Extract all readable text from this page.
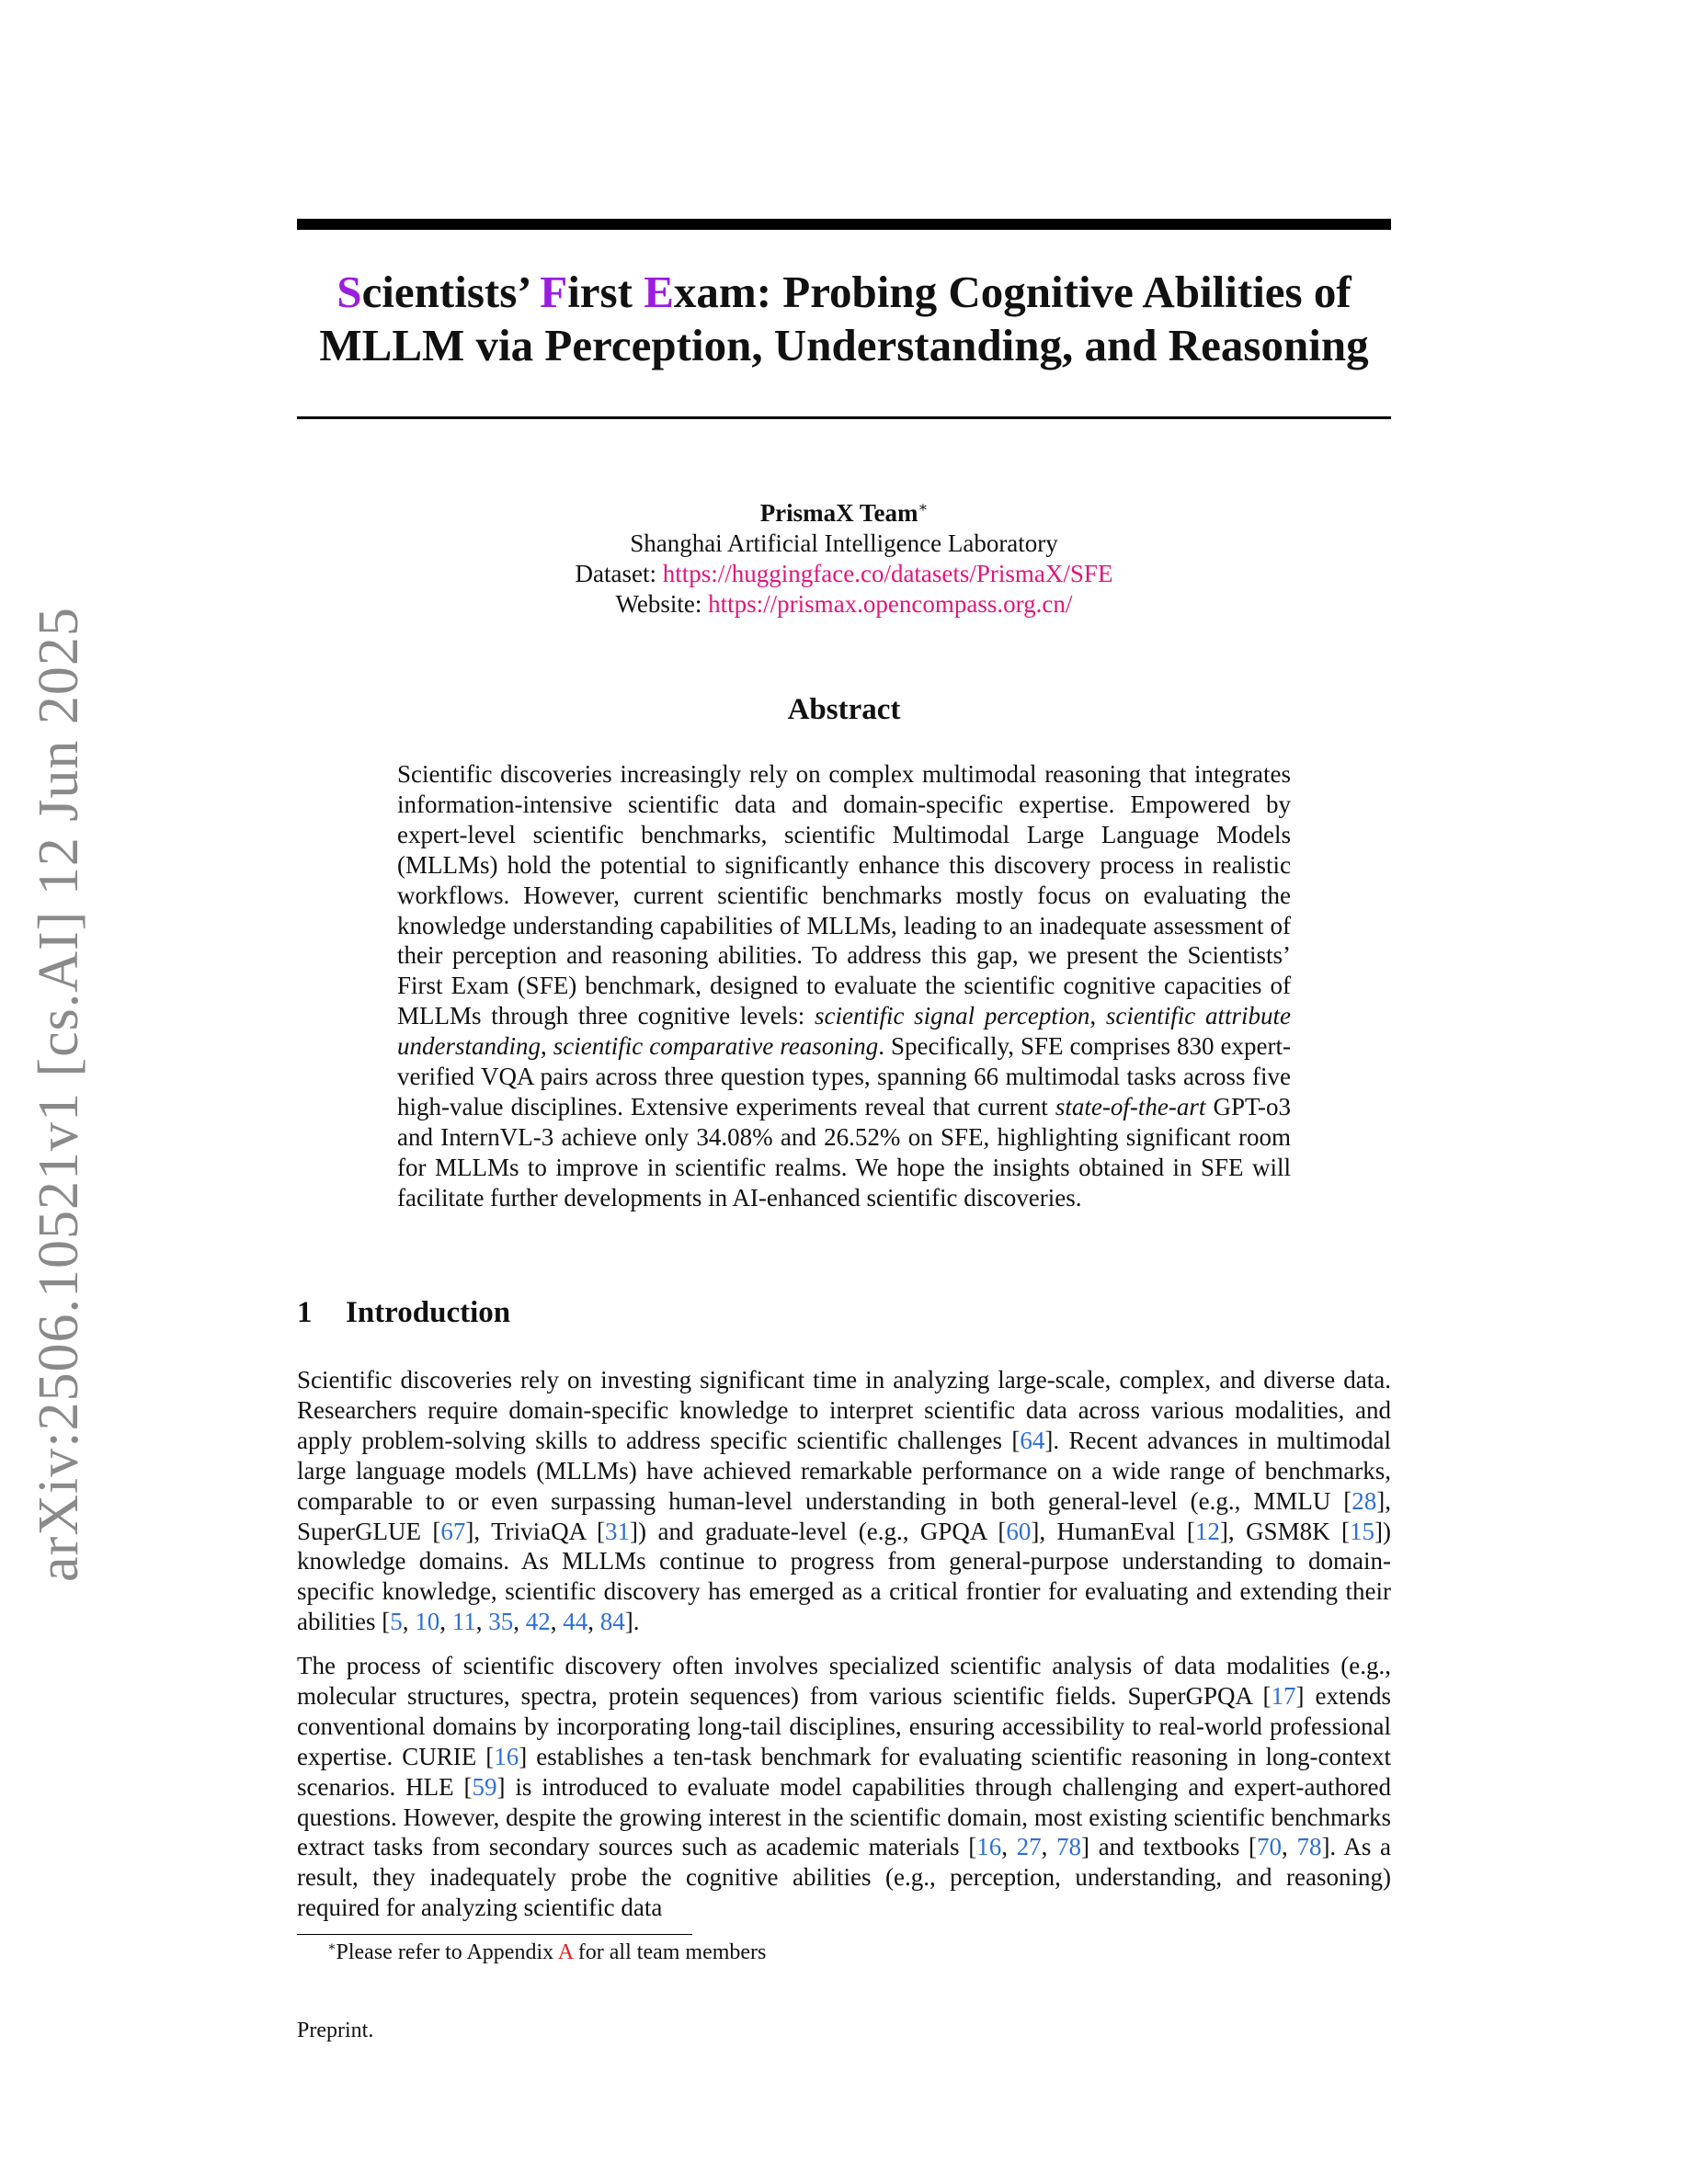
arXiv:2506.10521v1 [cs.AI] 12 Jun 2025
Scientists’ First Exam: Probing Cognitive Abilities of
MLLM via Perception, Understanding, and Reasoning
PrismaX Team∗
Shanghai Artificial Intelligence Laboratory
Dataset: https://huggingface.co/datasets/PrismaX/SFE
Website: https://prismax.opencompass.org.cn/
Abstract

Scientific discoveries increasingly rely on complex multimodal reasoning that integrates information-intensive scientific data and domain-specific expertise. Empowered by expert-level scientific benchmarks, scientific Multimodal Large Language Models (MLLMs) hold the potential to significantly enhance this discovery process in realistic workflows. However, current scientific benchmarks mostly focus on evaluating the knowledge understanding capabilities of MLLMs, leading to an inadequate assessment of their perception and reasoning abilities. To address this gap, we present the Scientists’ First Exam (SFE) benchmark, designed to evaluate the scientific cognitive capacities of MLLMs through three cognitive levels: scientific signal perception, scientific attribute understanding, scientific comparative reasoning. Specifically, SFE comprises 830 expert-verified VQA pairs across three question types, spanning 66 multimodal tasks across five high-value disciplines. Extensive experiments reveal that current state-of-the-art GPT-o3 and InternVL-3 achieve only 34.08% and 26.52% on SFE, highlighting significant room for MLLMs to improve in scientific realms. We hope the insights obtained in SFE will facilitate further developments in AI-enhanced scientific discoveries.

1 Introduction

Scientific discoveries rely on investing significant time in analyzing large-scale, complex, and diverse data. Researchers require domain-specific knowledge to interpret scientific data across various modalities, and apply problem-solving skills to address specific scientific challenges [64]. Recent advances in multimodal large language models (MLLMs) have achieved remarkable performance on a wide range of benchmarks, comparable to or even surpassing human-level understanding in both general-level (e.g., MMLU [28], SuperGLUE [67], TriviaQA [31]) and graduate-level (e.g., GPQA [60], HumanEval [12], GSM8K [15]) knowledge domains. As MLLMs continue to progress from general-purpose understanding to domain-specific knowledge, scientific discovery has emerged as a critical frontier for evaluating and extending their abilities [5, 10, 11, 35, 42, 44, 84].

The process of scientific discovery often involves specialized scientific analysis of data modalities (e.g., molecular structures, spectra, protein sequences) from various scientific fields. SuperGPQA [17] extends conventional domains by incorporating long-tail disciplines, ensuring accessibility to real-world professional expertise. CURIE [16] establishes a ten-task benchmark for evaluating scientific reasoning in long-context scenarios. HLE [59] is introduced to evaluate model capabilities through challenging and expert-authored questions. However, despite the growing interest in the scientific domain, most existing scientific benchmarks extract tasks from secondary sources such as academic materials [16, 27, 78] and textbooks [70, 78]. As a result, they inadequately probe the cognitive abilities (e.g., perception, understanding, and reasoning) required for analyzing scientific data

∗Please refer to Appendix A for all team members
Preprint.
